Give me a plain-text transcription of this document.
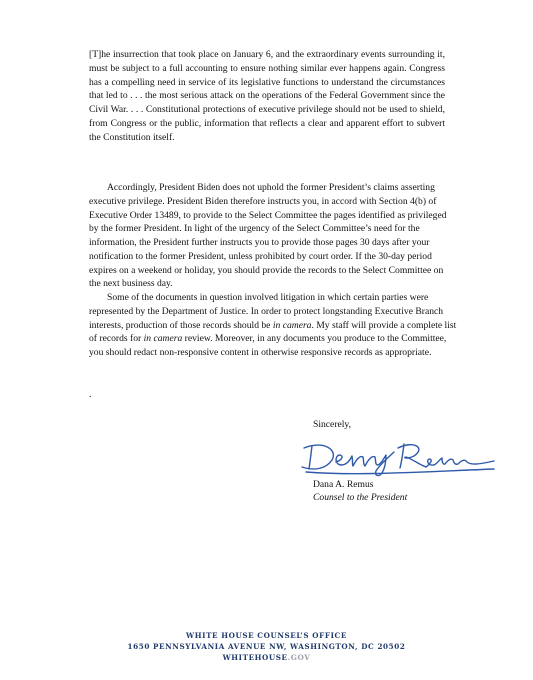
[T]he insurrection that took place on January 6, and the extraordinary events surrounding it, must be subject to a full accounting to ensure nothing similar ever happens again. Congress has a compelling need in service of its legislative functions to understand the circumstances that led to . . . the most serious attack on the operations of the Federal Government since the Civil War. . . . Constitutional protections of executive privilege should not be used to shield, from Congress or the public, information that reflects a clear and apparent effort to subvert the Constitution itself.
Accordingly, President Biden does not uphold the former President’s claims asserting executive privilege. President Biden therefore instructs you, in accord with Section 4(b) of Executive Order 13489, to provide to the Select Committee the pages identified as privileged by the former President. In light of the urgency of the Select Committee’s need for the information, the President further instructs you to provide those pages 30 days after your notification to the former President, unless prohibited by court order. If the 30-day period expires on a weekend or holiday, you should provide the records to the Select Committee on the next business day.
Some of the documents in question involved litigation in which certain parties were represented by the Department of Justice. In order to protect longstanding Executive Branch interests, production of those records should be in camera. My staff will provide a complete list of records for in camera review. Moreover, in any documents you produce to the Committee, you should redact non-responsive content in otherwise responsive records as appropriate.
.
Sincerely,
Dana A. Remus
Counsel to the President
WHITE HOUSE COUNSEL’S OFFICE
1650 PENNSYLVANIA AVENUE NW, WASHINGTON, DC 20502
WHITEHOUSE.GOV
